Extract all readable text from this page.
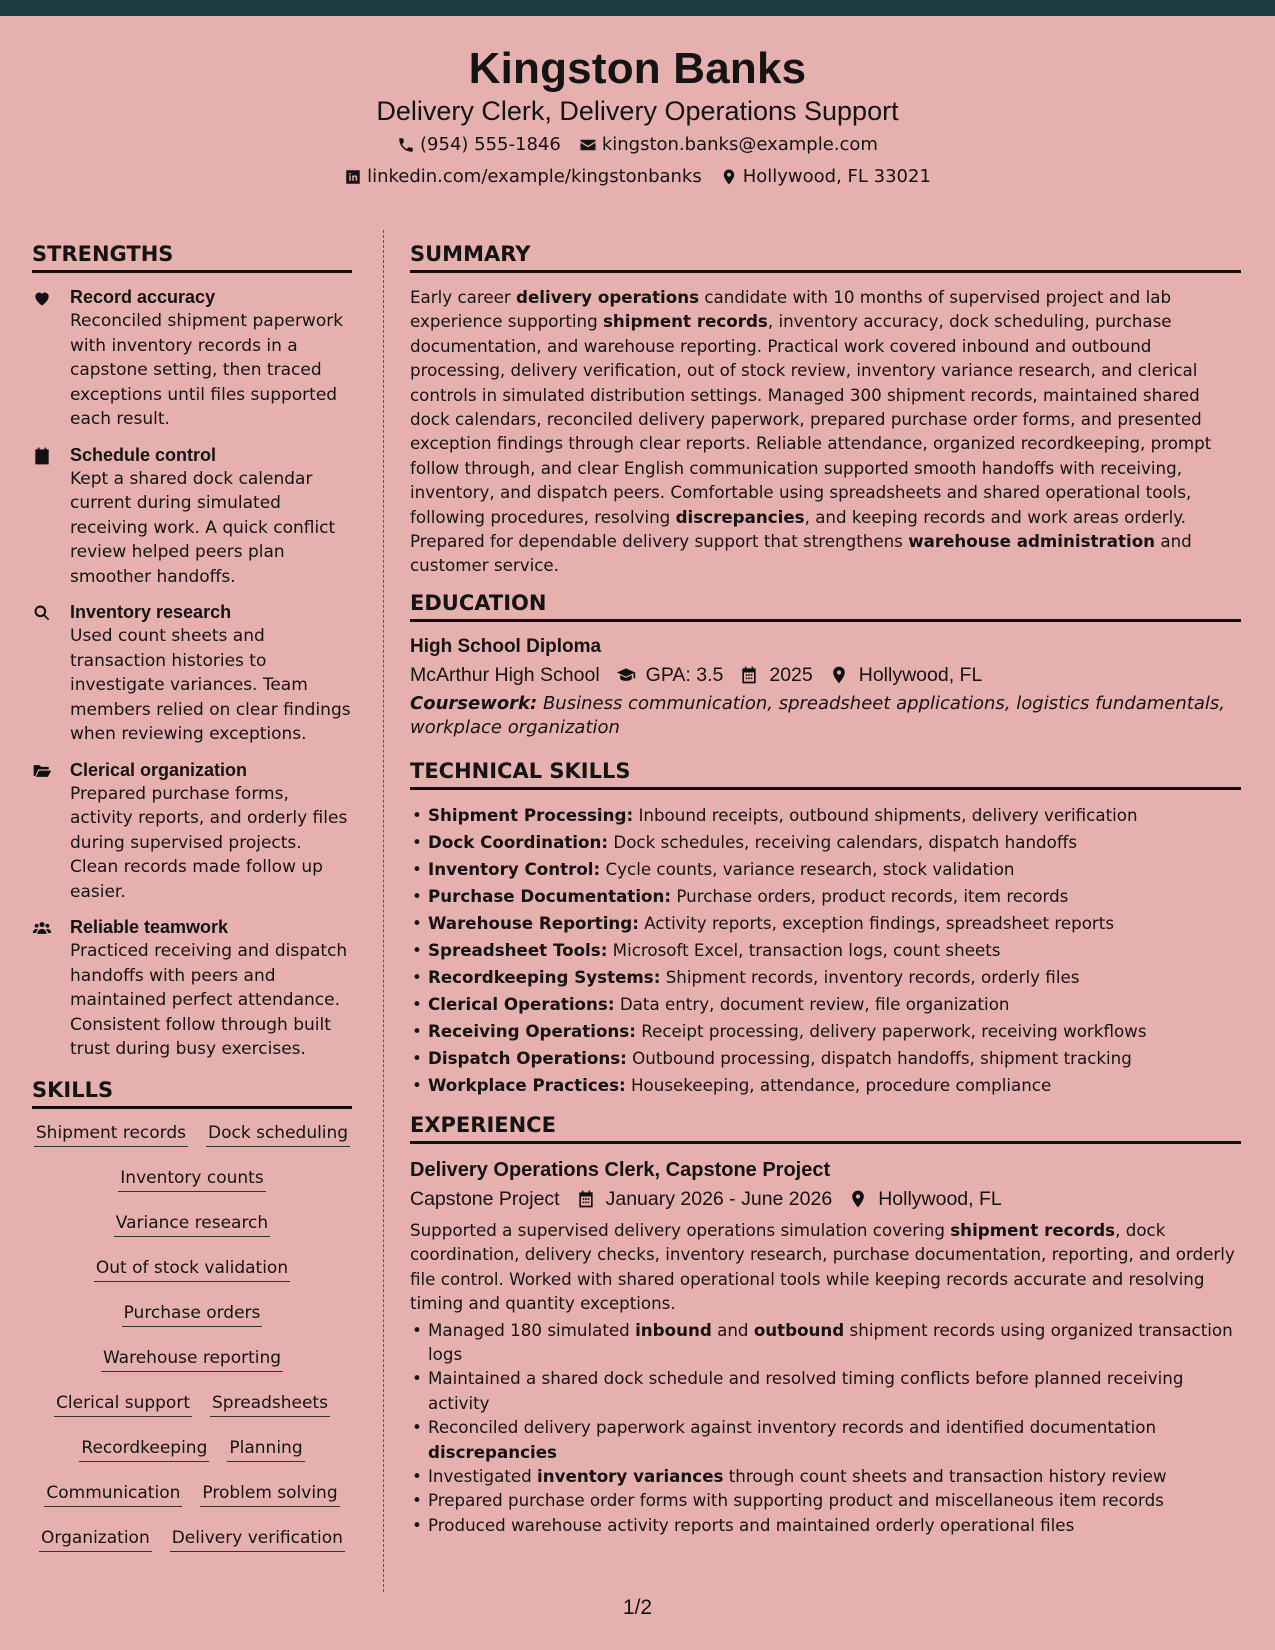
Kingston Banks
Delivery Clerk, Delivery Operations Support
(954) 555-1846 kingston.banks@example.com
linkedin.com/example/kingstonbanks Hollywood, FL 33021
STRENGTHS
Record accuracy
Reconciled shipment paperwork with inventory records in a capstone setting, then traced exceptions until files supported each result.
Schedule control
Kept a shared dock calendar current during simulated receiving work. A quick conflict review helped peers plan smoother handoffs.
Inventory research
Used count sheets and transaction histories to investigate variances. Team members relied on clear findings when reviewing exceptions.
Clerical organization
Prepared purchase forms, activity reports, and orderly files during supervised projects. Clean records made follow up easier.
Reliable teamwork
Practiced receiving and dispatch handoffs with peers and maintained perfect attendance. Consistent follow through built trust during busy exercises.
SKILLS
Shipment records Dock scheduling
Inventory counts
Variance research
Out of stock validation
Purchase orders
Warehouse reporting
Clerical support Spreadsheets
Recordkeeping Planning
Communication Problem solving
Organization Delivery verification
SUMMARY

Early career delivery operations candidate with 10 months of supervised project and lab experience supporting shipment records, inventory accuracy, dock scheduling, purchase documentation, and warehouse reporting. Practical work covered inbound and outbound processing, delivery verification, out of stock review, inventory variance research, and clerical controls in simulated distribution settings. Managed 300 shipment records, maintained shared dock calendars, reconciled delivery paperwork, prepared purchase order forms, and presented exception findings through clear reports. Reliable attendance, organized recordkeeping, prompt follow through, and clear English communication supported smooth handoffs with receiving, inventory, and dispatch peers. Comfortable using spreadsheets and shared operational tools, following procedures, resolving discrepancies, and keeping records and work areas orderly. Prepared for dependable delivery support that strengthens warehouse administration and customer service.

EDUCATION
High School Diploma
McArthur High School GPA: 3.5 2025 Hollywood, FL

Coursework: Business communication, spreadsheet applications, logistics fundamentals, workplace organization

TECHNICAL SKILLS
• Shipment Processing: Inbound receipts, outbound shipments, delivery verification
• Dock Coordination: Dock schedules, receiving calendars, dispatch handoffs
• Inventory Control: Cycle counts, variance research, stock validation
• Purchase Documentation: Purchase orders, product records, item records
• Warehouse Reporting: Activity reports, exception findings, spreadsheet reports
• Spreadsheet Tools: Microsoft Excel, transaction logs, count sheets
• Recordkeeping Systems: Shipment records, inventory records, orderly files
• Clerical Operations: Data entry, document review, file organization
• Receiving Operations: Receipt processing, delivery paperwork, receiving workflows
• Dispatch Operations: Outbound processing, dispatch handoffs, shipment tracking
• Workplace Practices: Housekeeping, attendance, procedure compliance
EXPERIENCE
Delivery Operations Clerk, Capstone Project
Capstone Project January 2026 - June 2026 Hollywood, FL

Supported a supervised delivery operations simulation covering shipment records, dock coordination, delivery checks, inventory research, purchase documentation, reporting, and orderly file control. Worked with shared operational tools while keeping records accurate and resolving timing and quantity exceptions.

• Managed 180 simulated inbound and outbound shipment records using organized transaction logs
• Maintained a shared dock schedule and resolved timing conflicts before planned receiving activity
• Reconciled delivery paperwork against inventory records and identified documentation discrepancies
• Investigated inventory variances through count sheets and transaction history review
• Prepared purchase order forms with supporting product and miscellaneous item records
• Produced warehouse activity reports and maintained orderly operational files
1/2
